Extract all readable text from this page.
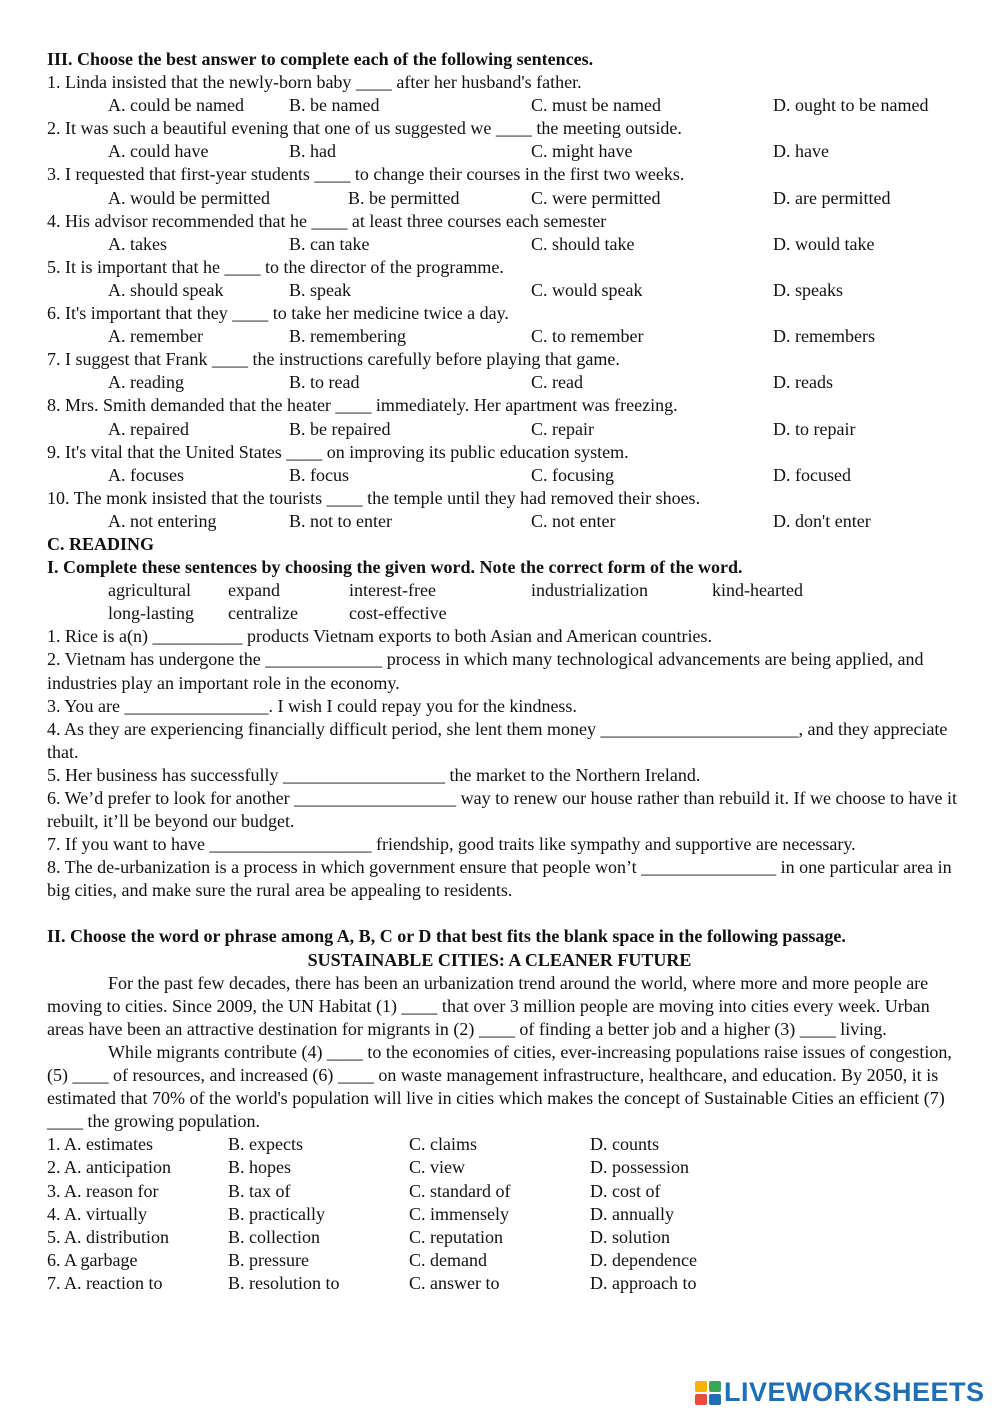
III. Choose the best answer to complete each of the following sentences.
1. Linda insisted that the newly-born baby ____ after her husband's father.
A. could be named	B. be named	C. must be named	D. ought to be named
2. It was such a beautiful evening that one of us suggested we ____ the meeting outside.
A. could have	B. had	C. might have	D. have
3. I requested that first-year students ____ to change their courses in the first two weeks.
A. would be permitted	B. be permitted	C. were permitted	D. are permitted
4. His advisor recommended that he ____ at least three courses each semester
A. takes	B. can take	C. should take	D. would take
5. It is important that he ____ to the director of the programme.
A. should speak	B. speak	C. would speak	D. speaks
6. It's important that they ____ to take her medicine twice a day.
A. remember	B. remembering	C. to remember	D. remembers
7. I suggest that Frank ____ the instructions carefully before playing that game.
A. reading	B. to read	C. read	D. reads
8. Mrs. Smith demanded that the heater ____ immediately. Her apartment was freezing.
A. repaired	B. be repaired	C. repair	D. to repair
9. It's vital that the United States ____ on improving its public education system.
A. focuses	B. focus	C. focusing	D. focused
10. The monk insisted that the tourists ____ the temple until they had removed their shoes.
A. not entering	B. not to enter	C. not enter	D. don't enter
C. READING
I. Complete these sentences by choosing the given word. Note the correct form of the word.
agricultural expand	interest-free	industrialization	kind-hearted
long-lasting centralize	cost-effective
1. Rice is a(n) __________ products Vietnam exports to both Asian and American countries.
2. Vietnam has undergone the _____________ process in which many technological advancements are being applied, and industries play an important role in the economy.
3. You are ________________. I wish I could repay you for the kindness.
4. As they are experiencing financially difficult period, she lent them money ______________________, and they appreciate that.
5. Her business has successfully __________________ the market to the Northern Ireland.
6. We’d prefer to look for another __________________ way to renew our house rather than rebuild it. If we choose to have it rebuilt, it’ll be beyond our budget.
7. If you want to have __________________ friendship, good traits like sympathy and supportive are necessary.
8. The de-urbanization is a process in which government ensure that people won’t _______________ in one particular area in big cities, and make sure the rural area be appealing to residents.
II. Choose the word or phrase among A, B, C or D that best fits the blank space in the following passage.
SUSTAINABLE CITIES: A CLEANER FUTURE
For the past few decades, there has been an urbanization trend around the world, where more and more people are moving to cities. Since 2009, the UN Habitat (1) ____ that over 3 million people are moving into cities every week. Urban areas have been an attractive destination for migrants in (2) ____ of finding a better job and a higher (3) ____ living.
While migrants contribute (4) ____ to the economies of cities, ever-increasing populations raise issues of congestion, (5) ____ of resources, and increased (6) ____ on waste management infrastructure, healthcare, and education. By 2050, it is estimated that 70% of the world's population will live in cities which makes the concept of Sustainable Cities an efficient (7) ____ the growing population.
1. A. estimates	B. expects	C. claims	D. counts
2. A. anticipation	B. hopes	C. view	D. possession
3. A. reason for	B. tax of	C. standard of	D. cost of
4. A. virtually	B. practically	C. immensely	D. annually
5. A. distribution	B. collection	C. reputation	D. solution
6. A garbage	B. pressure	C. demand	D. dependence
7. A. reaction to	B. resolution to	C. answer to	D. approach to
LIVEWORKSHEETS
